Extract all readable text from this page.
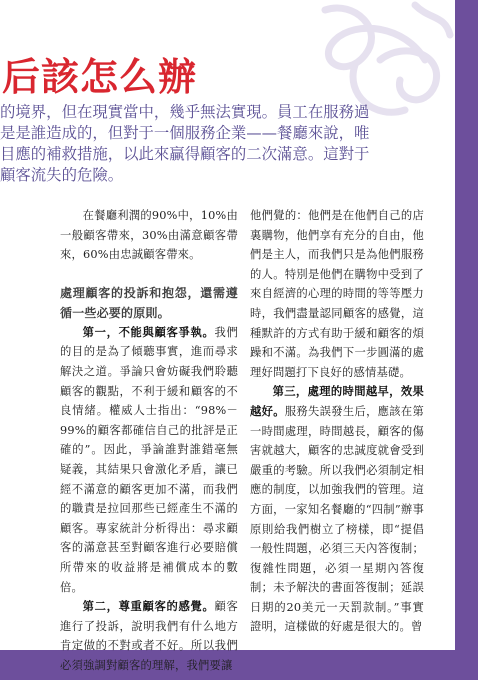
后該怎么辦

的境界，但在現實當中，幾乎無法實現。員工在服務過

是是誰造成的，但對于一個服務企業——餐廳來說，唯

目應的補救措施，以此來贏得顧客的二次滿意。這對于

顧客流失的危險。

在餐廳利潤的90%中，10%由一般顧客帶來，30%由滿意顧客帶來，60%由忠誠顧客帶來。

處理顧客的投訴和抱怨，還需遵循一些必要的原則。

第一，不能與顧客爭執。我們的目的是為了傾聽事實，進而尋求解決之道。爭論只會妨礙我們聆聽顧客的觀點，不利于緩和顧客的不良情緒。權威人士指出：“98%－99%的顧客都確信自己的批評是正確的”。因此，爭論誰對誰錯毫無疑義，其結果只會激化矛盾，讓已經不滿意的顧客更加不滿，而我們的職責是拉回那些已經產生不滿的顧客。專家統計分析得出：尋求顧客的滿意甚至對顧客進行必要賠償所帶來的收益將是補償成本的數倍。

第二，尊重顧客的感覺。顧客進行了投訴，說明我們有什么地方肯定做的不對或者不好。所以我們必須強調對顧客的理解，我們要讓

他們覺的：他們是在他們自己的店裏購物，他們享有充分的自由，他們是主人，而我們只是為他們服務的人。特別是他們在購物中受到了來自經濟的心理的時間的等等壓力時，我們盡量認同顧客的感覺，這種默許的方式有助于緩和顧客的煩躁和不滿。為我們下一步圓滿的處理好問題打下良好的感情基礎。

第三，處理的時間越早，效果越好。服務失誤發生后，應該在第一時間處理，時間越長，顧客的傷害就越大，顧客的忠誠度就會受到嚴重的考驗。所以我們必須制定相應的制度，以加強我們的管理。這方面，一家知名餐廳的“四制”辦事原則給我們樹立了榜樣，即“提倡一般性問題，必須三天內答復制；復雜性問題，必須一星期內答復制；未予解決的書面答復制；延誤日期的20美元一天罰款制。”事實證明，這樣做的好處是很大的。曾
